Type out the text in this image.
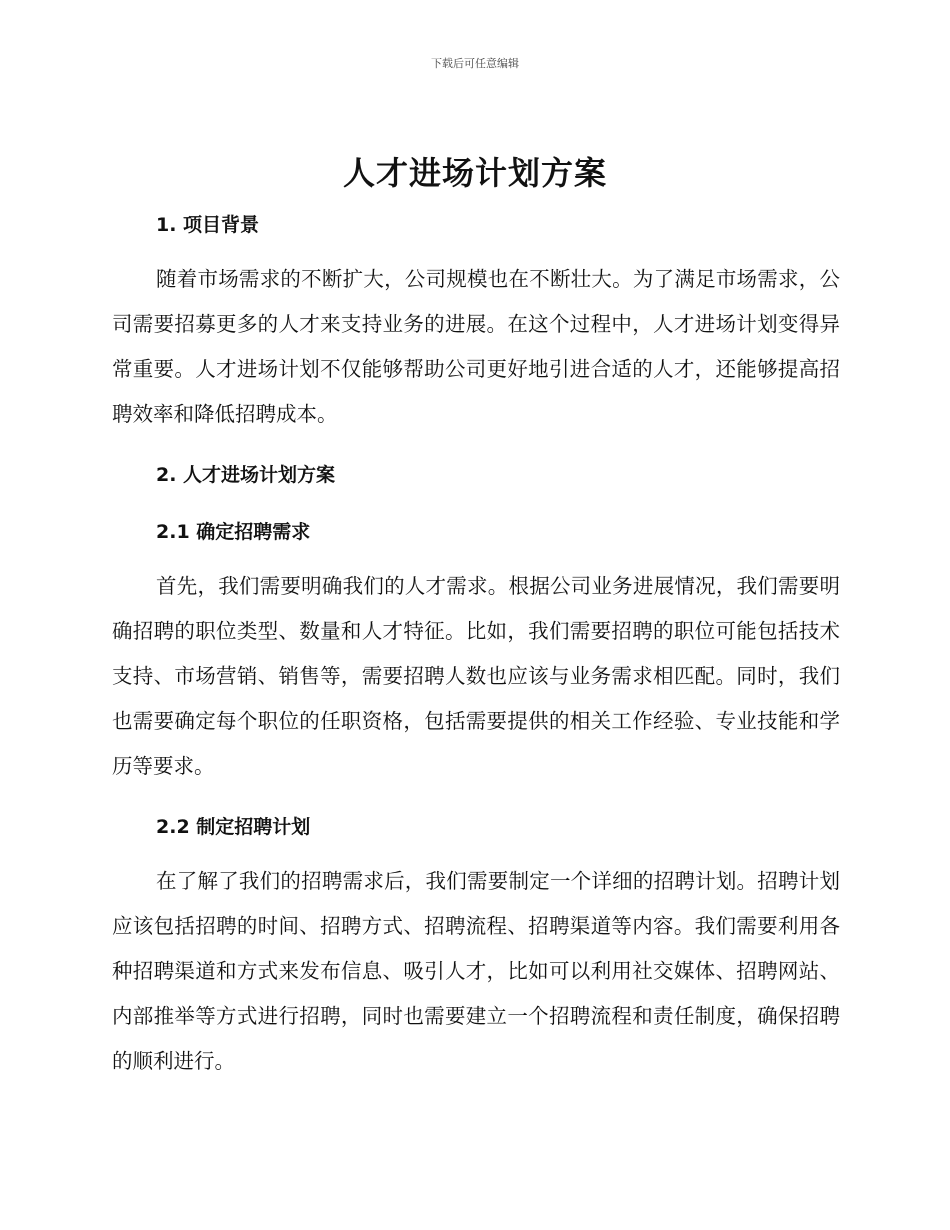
下载后可任意编辑
人才进场计划方案
1. 项目背景

随着市场需求的不断扩大，公司规模也在不断壮大。为了满足市场需求，公司需要招募更多的人才来支持业务的进展。在这个过程中，人才进场计划变得异常重要。人才进场计划不仅能够帮助公司更好地引进合适的人才，还能够提高招聘效率和降低招聘成本。

2. 人才进场计划方案
2.1 确定招聘需求

首先，我们需要明确我们的人才需求。根据公司业务进展情况，我们需要明确招聘的职位类型、数量和人才特征。比如，我们需要招聘的职位可能包括技术支持、市场营销、销售等，需要招聘人数也应该与业务需求相匹配。同时，我们也需要确定每个职位的任职资格，包括需要提供的相关工作经验、专业技能和学历等要求。

2.2 制定招聘计划

在了解了我们的招聘需求后，我们需要制定一个详细的招聘计划。招聘计划应该包括招聘的时间、招聘方式、招聘流程、招聘渠道等内容。我们需要利用各种招聘渠道和方式来发布信息、吸引人才，比如可以利用社交媒体、招聘网站、内部推举等方式进行招聘，同时也需要建立一个招聘流程和责任制度，确保招聘的顺利进行。
